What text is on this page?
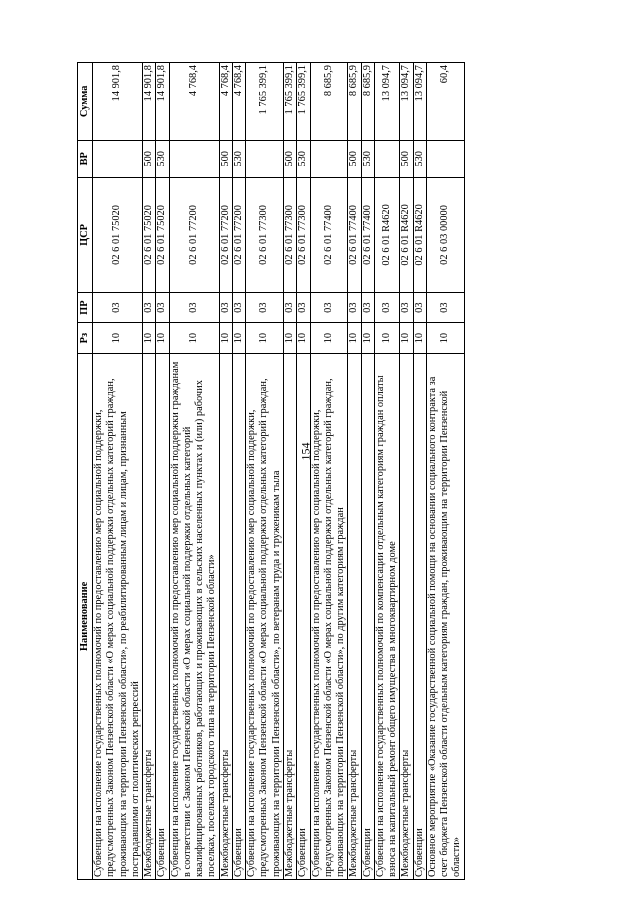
154
Наименование	Рз	ПР	ЦСР	ВР	Сумма
Субвенции на исполнение государственных полномочий по предоставлению мер социальной поддержки, предусмотренных Законом Пензенской области «О мерах социальной поддержки отдельных категорий граждан, проживающих на территории Пензенской области», по реабилитированным лицам и лицам, признанным пострадавшими от политических репрессий	10	03	02 6 01 75020		14 901,8
Межбюджетные трансферты	10	03	02 6 01 75020	500	14 901,8
Субвенции	10	03	02 6 01 75020	530	14 901,8
Субвенции на исполнение государственных полномочий по предоставлению мер социальной поддержки гражданам в соответствии с Законом Пензенской области «О мерах социальной поддержки отдельных категорий квалифицированных работников, работающих и проживающих в сельских населенных пунктах и (или) рабочих поселках, поселках городского типа на территории Пензенской области»	10	03	02 6 01 77200		4 768,4
Межбюджетные трансферты	10	03	02 6 01 77200	500	4 768,4
Субвенции	10	03	02 6 01 77200	530	4 768,4
Субвенции на исполнение государственных полномочий по предоставлению мер социальной поддержки, предусмотренных Законом Пензенской области «О мерах социальной поддержки отдельных категорий граждан, проживающих на территории Пензенской области», по ветеранам труда и труженикам тыла	10	03	02 6 01 77300		1 765 399,1
Межбюджетные трансферты	10	03	02 6 01 77300	500	1 765 399,1
Субвенции	10	03	02 6 01 77300	530	1 765 399,1
Субвенции на исполнение государственных полномочий по предоставлению мер социальной поддержки, предусмотренных Законом Пензенской области «О мерах социальной поддержки отдельных категорий граждан, проживающих на территории Пензенской области», по другим категориям граждан	10	03	02 6 01 77400		8 685,9
Межбюджетные трансферты	10	03	02 6 01 77400	500	8 685,9
Субвенции	10	03	02 6 01 77400	530	8 685,9
Субвенции на исполнение государственных полномочий по компенсации отдельным категориям граждан оплаты взноса на капитальный ремонт общего имущества в многоквартирном доме	10	03	02 6 01 R4620		13 094,7
Межбюджетные трансферты	10	03	02 6 01 R4620	500	13 094,7
Субвенции	10	03	02 6 01 R4620	530	13 094,7
Основное мероприятие «Оказание государственной социальной помощи на основании социального контракта за счет бюджета Пензенской области отдельным категориям граждан, проживающим на территории Пензенской области»	10	03	02 6 03 00000		60,4
